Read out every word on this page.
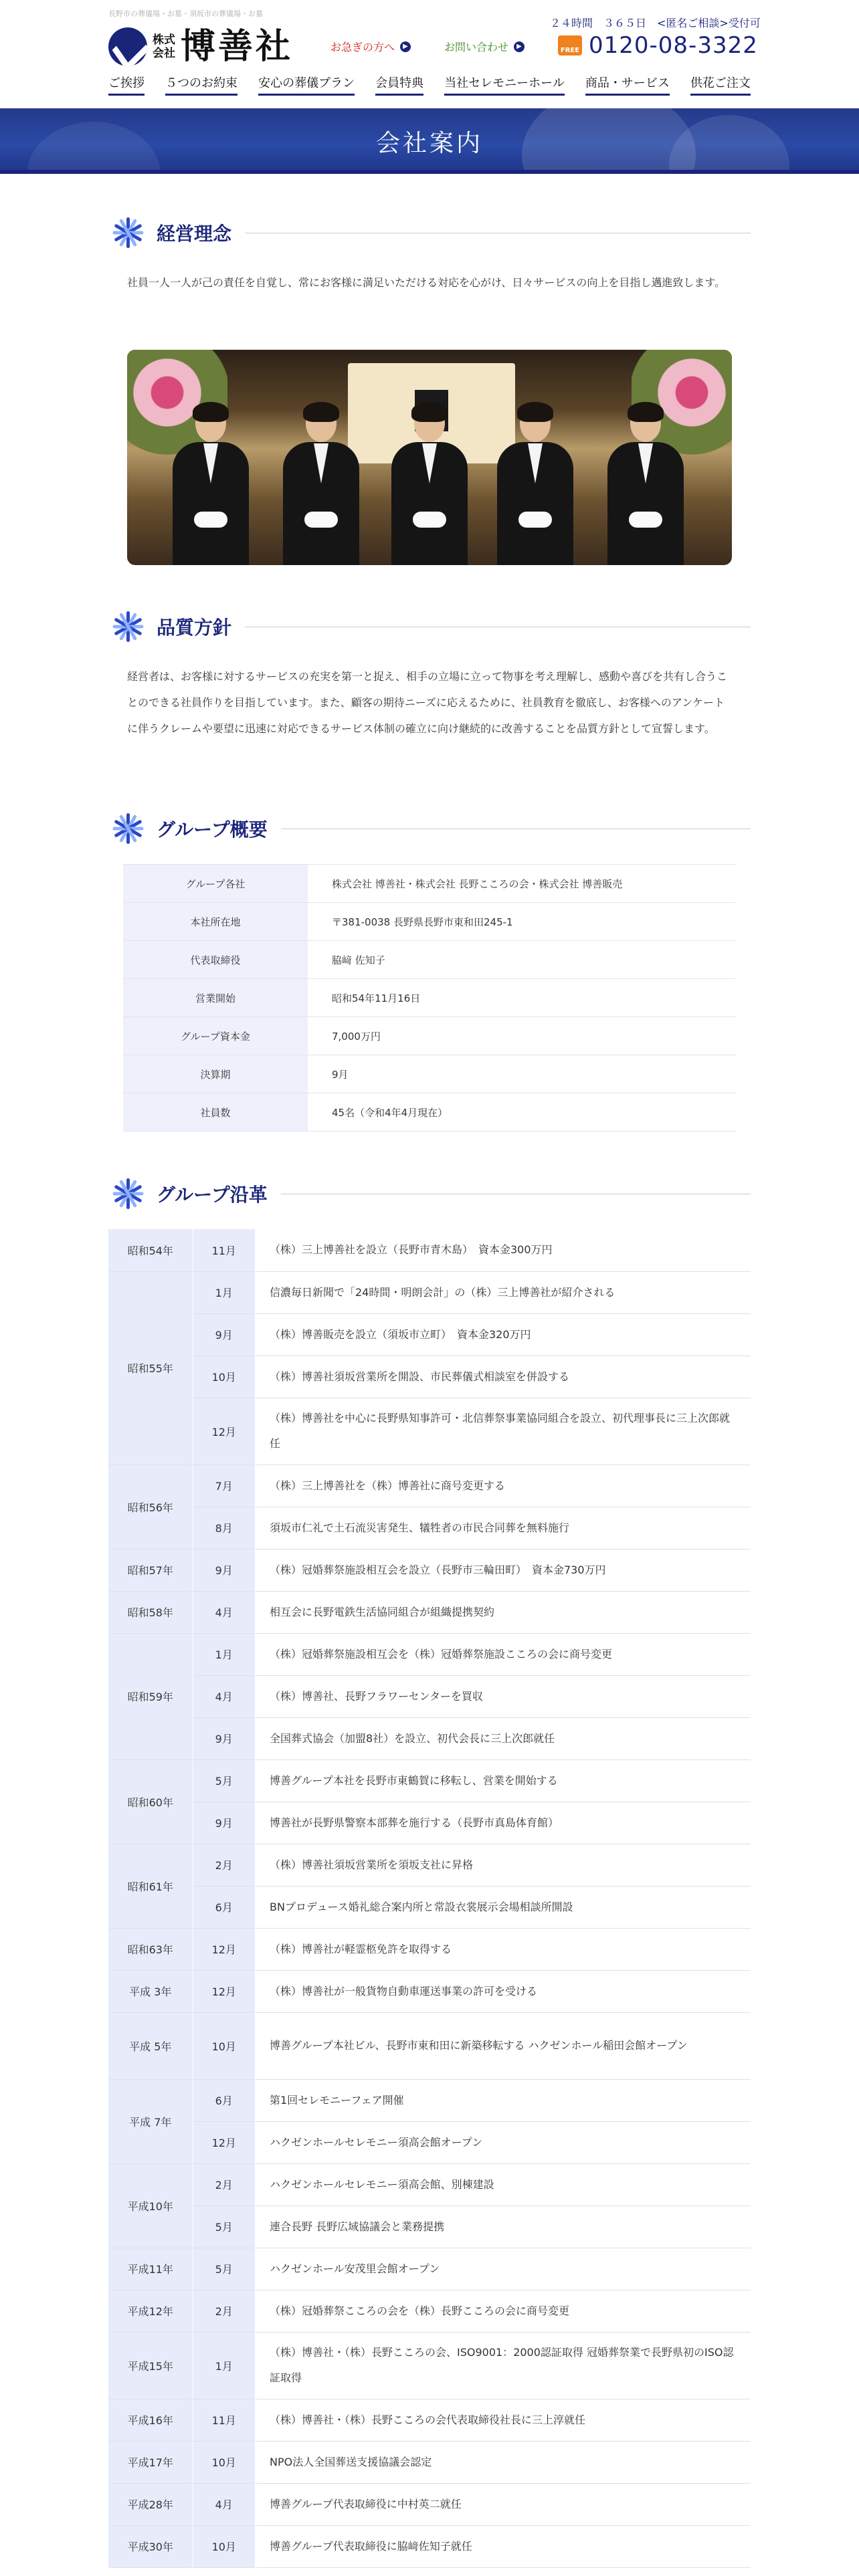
長野市の葬儀場・お墓・須坂市の葬儀場・お墓
株式会社 博善社	お急ぎの方へ	▶	お問い合わせ	▶
２４時間　３６５日　<匿名ご相談>受付可
FREE 0120-08-3322
ご挨拶 ５つのお約束 安心の葬儀プラン 会員特典 当社セレモニーホール 商品・サービス 供花ご注文
会社案内
経営理念
社員一人一人が己の責任を自覚し、常にお客様に満足いただける対応を心がけ、日々サービスの向上を目指し邁進致します。
品質方針
経営者は、お客様に対するサービスの充実を第一と捉え、相手の立場に立って物事を考え理解し、感動や喜びを共有し合うことのできる社員作りを目指しています。また、顧客の期待ニーズに応えるために、社員教育を徹底し、お客様へのアンケートに伴うクレームや要望に迅速に対応できるサービス体制の確立に向け継続的に改善することを品質方針として宣誓します。
グループ概要
グループ各社	株式会社 博善社・株式会社 長野こころの会・株式会社 博善販売
本社所在地	〒381-0038 長野県長野市東和田245-1
代表取締役	脇﨑 佐知子
営業開始	昭和54年11月16日
グループ資本金	7,000万円
決算期	9月
社員数	45名（令和4年4月現在）
グループ沿革
昭和54年	11月	（株）三上博善社を設立（長野市青木島）　資本金300万円
昭和55年	1月	信濃毎日新聞で「24時間・明朗会計」の（株）三上博善社が紹介される
	9月	（株）博善販売を設立（須坂市立町）　資本金320万円
	10月	（株）博善社須坂営業所を開設、市民葬儀式相談室を併設する
	12月	（株）博善社を中心に長野県知事許可・北信葬祭事業協同組合を設立、初代理事長に三上次郎就任
昭和56年	7月	（株）三上博善社を（株）博善社に商号変更する
	8月	須坂市仁礼で土石流災害発生、犠牲者の市民合同葬を無料施行
昭和57年	9月	（株）冠婚葬祭施設相互会を設立（長野市三輪田町）　資本金730万円
昭和58年	4月	相互会に長野電鉄生活協同組合が組織提携契約
昭和59年	1月	（株）冠婚葬祭施設相互会を（株）冠婚葬祭施設こころの会に商号変更
	4月	（株）博善社、長野フラワーセンターを買収
	9月	全国葬式協会（加盟8社）を設立、初代会長に三上次郎就任
昭和60年	5月	博善グループ本社を長野市東鶴賀に移転し、営業を開始する
	9月	博善社が長野県警察本部葬を施行する（長野市真島体育館）
昭和61年	2月	（株）博善社須坂営業所を須坂支社に昇格
	6月	BNプロデュース婚礼総合案内所と常設衣裳展示会場相談所開設
昭和63年	12月	（株）博善社が軽霊柩免許を取得する
平成 3年	12月	（株）博善社が一般貨物自動車運送事業の許可を受ける
平成 5年	10月	博善グループ本社ビル、長野市東和田に新築移転する ハクゼンホール稲田会館オープン
平成 7年	6月	第1回セレモニーフェア開催
	12月	ハクゼンホールセレモニー須高会館オープン
平成10年	2月	ハクゼンホールセレモニー須高会館、別棟建設
	5月	連合長野 長野広域協議会と業務提携
平成11年	5月	ハクゼンホール安茂里会館オープン
平成12年	2月	（株）冠婚葬祭こころの会を（株）長野こころの会に商号変更
平成15年	1月	（株）博善社・（株）長野こころの会、ISO9001：2000認証取得 冠婚葬祭業で長野県初のISO認証取得
平成16年	11月	（株）博善社・（株）長野こころの会代表取締役社長に三上淳就任
平成17年	10月	NPO法人全国葬送支援協議会認定
平成28年	4月	博善グループ代表取締役に中村英二就任
平成30年	10月	博善グループ代表取締役に脇﨑佐知子就任
